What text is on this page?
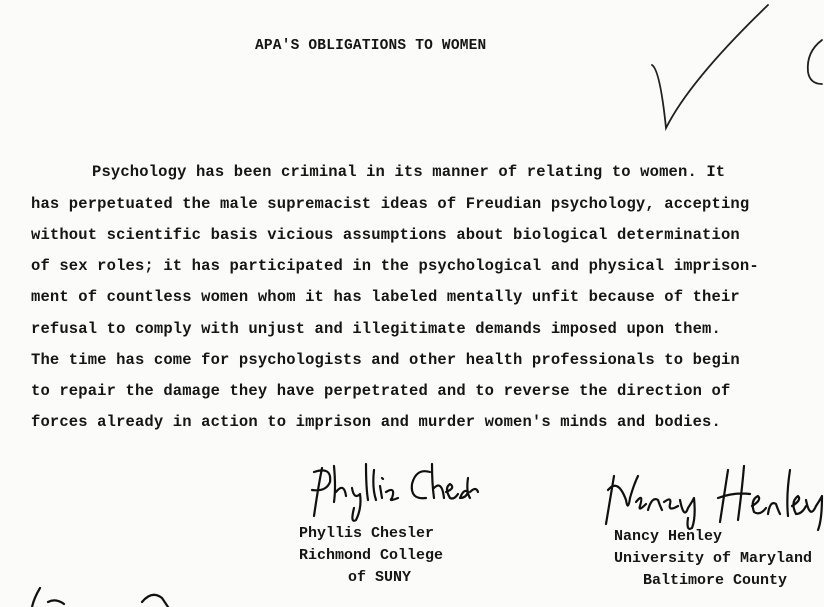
APA'S OBLIGATIONS TO WOMEN
Psychology has been criminal in its manner of relating to women. It
has perpetuated the male supremacist ideas of Freudian psychology, accepting
without scientific basis vicious assumptions about biological determination
of sex roles; it has participated in the psychological and physical imprison-
ment of countless women whom it has labeled mentally unfit because of their
refusal to comply with unjust and illegitimate demands imposed upon them.
The time has come for psychologists and other health professionals to begin
to repair the damage they have perpetrated and to reverse the direction of
forces already in action to imprison and murder women's minds and bodies.
Phyllis Chesler
Richmond College
of SUNY
Nancy Henley
University of Maryland
Baltimore County
